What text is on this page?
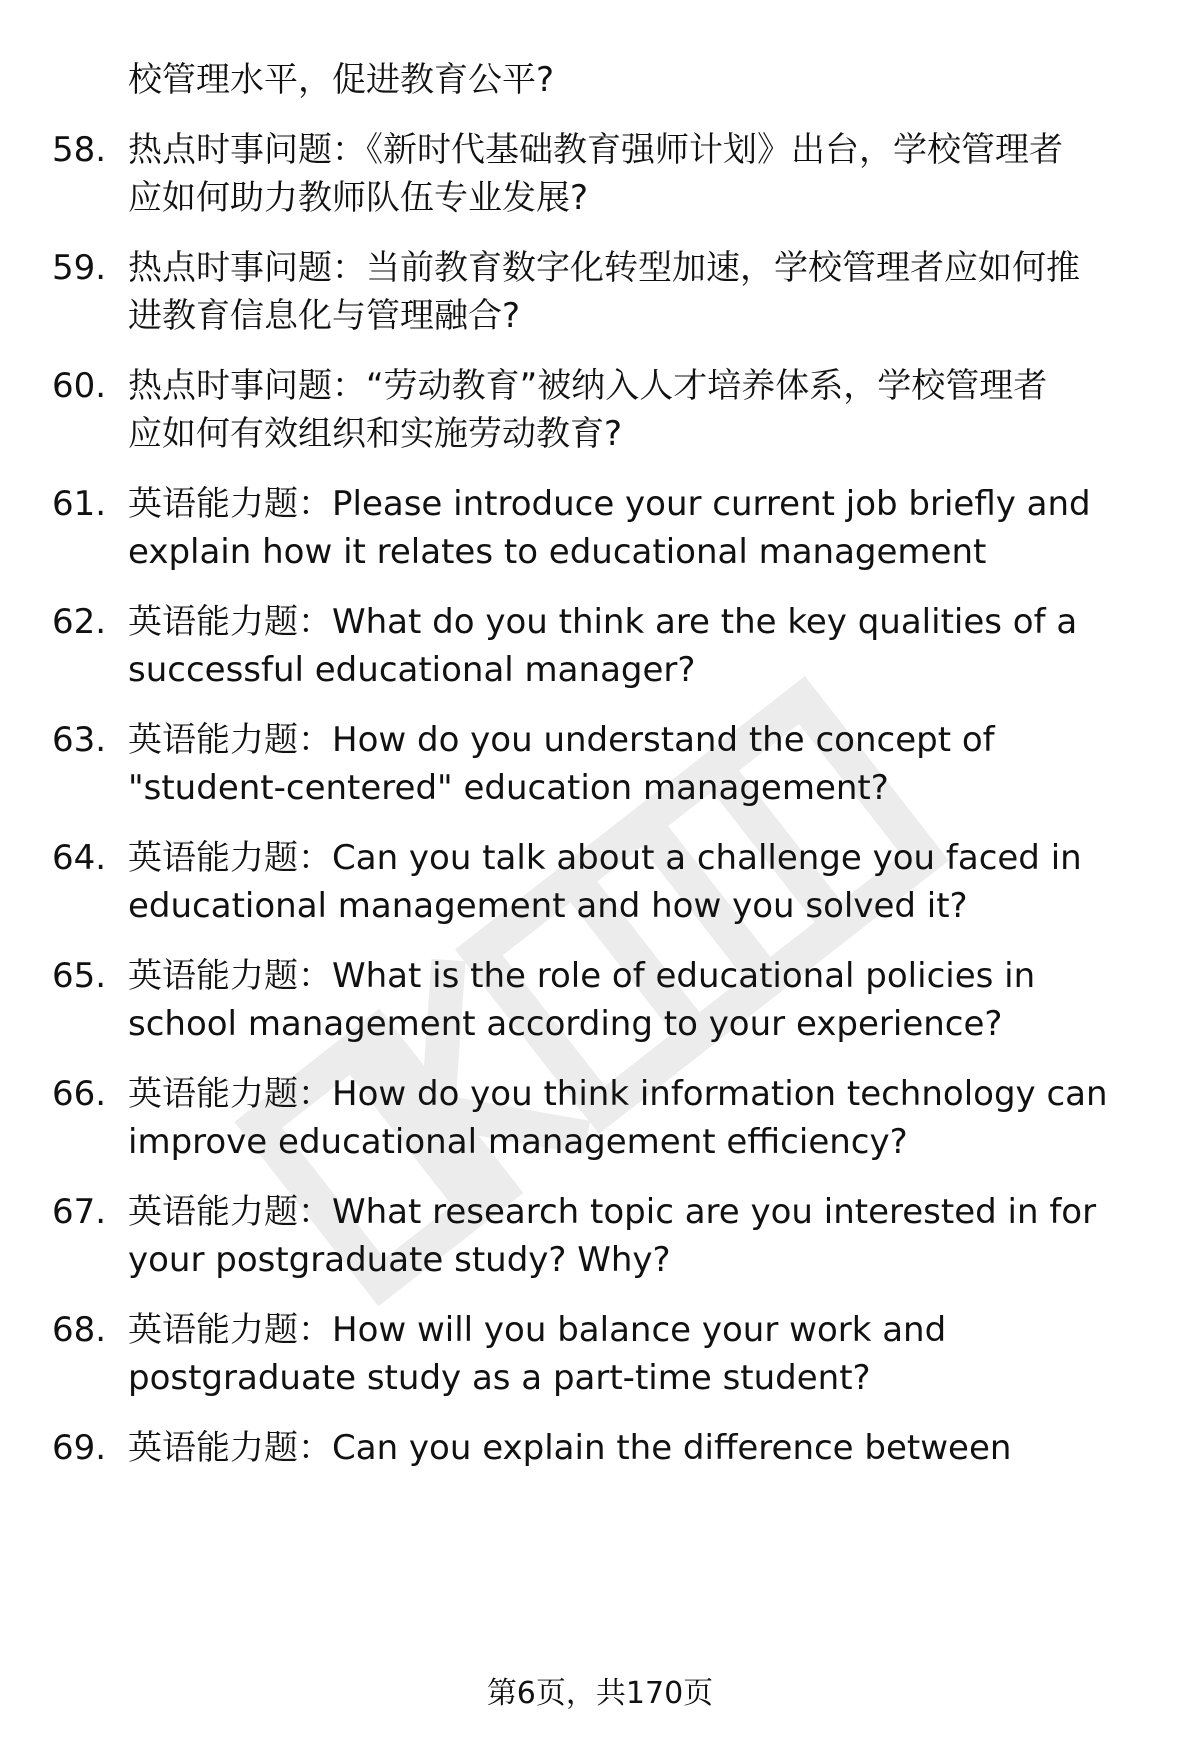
校管理水平，促进教育公平?
58. 热点时事问题：《新时代基础教育强师计划》出台，学校管理者
应如何助力教师队伍专业发展?
59. 热点时事问题：当前教育数字化转型加速，学校管理者应如何推
进教育信息化与管理融合?
60. 热点时事问题：“劳动教育”被纳入人才培养体系，学校管理者
应如何有效组织和实施劳动教育?
61. 英语能力题：Please introduce your current job briefly and
explain how it relates to educational management
62. 英语能力题：What do you think are the key qualities of a
successful educational manager?
63. 英语能力题：How do you understand the concept of
"student-centered" education management?
64. 英语能力题：Can you talk about a challenge you faced in
educational management and how you solved it?
65. 英语能力题：What is the role of educational policies in
school management according to your experience?
66. 英语能力题：How do you think information technology can
improve educational management efficiency?
67. 英语能力题：What research topic are you interested in for
your postgraduate study? Why?
68. 英语能力题：How will you balance your work and
postgraduate study as a part-time student?
69. 英语能力题：Can you explain the difference between
第6页，共170页
